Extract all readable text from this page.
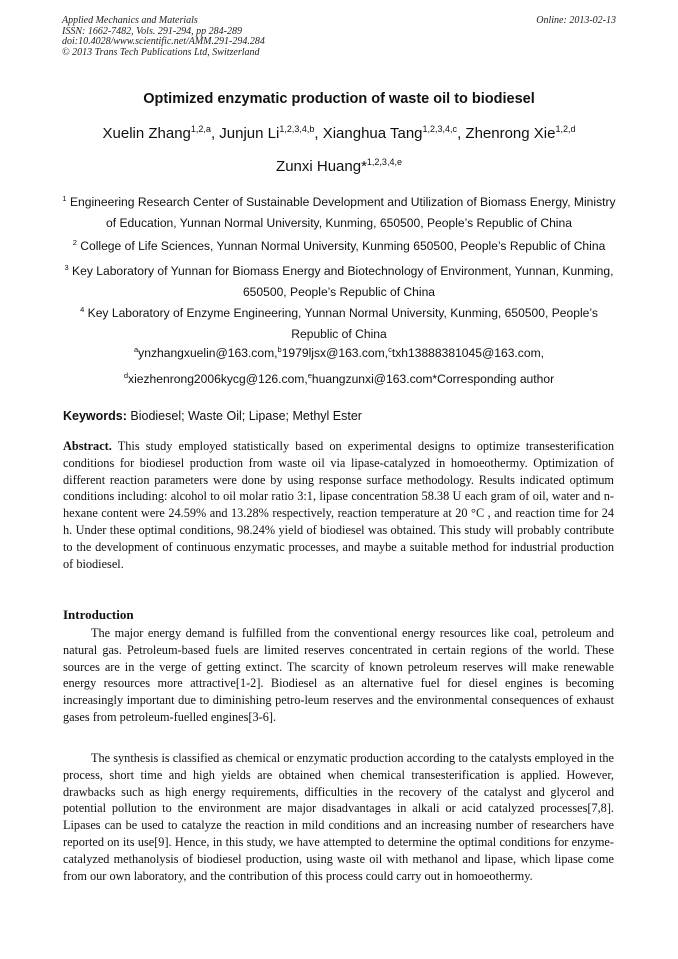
Applied Mechanics and Materials
ISSN: 1662-7482, Vols. 291-294, pp 284-289
doi:10.4028/www.scientific.net/AMM.291-294.284
© 2013 Trans Tech Publications Ltd, Switzerland
Online: 2013-02-13
Optimized enzymatic production of waste oil to biodiesel
Xuelin Zhang$^{1,2,a}$, Junjun Li$^{1,2,3,4,b}$, Xianghua Tang$^{1,2,3,4,c}$, Zhenrong Xie$^{1,2,d}$
Zunxi Huang*$^{1,2,3,4,e}$
$^1$ Engineering Research Center of Sustainable Development and Utilization of Biomass Energy, Ministry of Education, Yunnan Normal University, Kunming, 650500, People’s Republic of China
$^2$ College of Life Sciences, Yunnan Normal University, Kunming 650500, People’s Republic of China
$^3$ Key Laboratory of Yunnan for Biomass Energy and Biotechnology of Environment, Yunnan, Kunming, 650500, People’s Republic of China
$^4$ Key Laboratory of Enzyme Engineering, Yunnan Normal University, Kunming, 650500, People’s Republic of China
$^a$ynzhangxuelin@163.com,$^b$1979ljsx@163.com,$^c$txh13888381045@163.com,
$^d$xiezhenrong2006kycg@126.com,$^e$huangzunxi@163.com*Corresponding author
Keywords: Biodiesel; Waste Oil; Lipase; Methyl Ester
Abstract. This study employed statistically based on experimental designs to optimize transesterification conditions for biodiesel production from waste oil via lipase-catalyzed in homoeothermy. Optimization of different reaction parameters were done by using response surface methodology. Results indicated optimum conditions including: alcohol to oil molar ratio 3:1, lipase concentration 58.38 U each gram of oil, water and n-hexane content were 24.59% and 13.28% respectively, reaction temperature at 20 °C , and reaction time for 24 h. Under these optimal conditions, 98.24% yield of biodiesel was obtained. This study will probably contribute to the development of continuous enzymatic processes, and maybe a suitable method for industrial production of biodiesel.
Introduction
The major energy demand is fulfilled from the conventional energy resources like coal, petroleum and natural gas. Petroleum-based fuels are limited reserves concentrated in certain regions of the world. These sources are in the verge of getting extinct. The scarcity of known petroleum reserves will make renewable energy resources more attractive[1-2]. Biodiesel as an alternative fuel for diesel engines is becoming increasingly important due to diminishing petro-leum reserves and the environmental consequences of exhaust gases from petroleum-fuelled engines[3-6].
The synthesis is classified as chemical or enzymatic production according to the catalysts employed in the process, short time and high yields are obtained when chemical transesterification is applied. However, drawbacks such as high energy requirements, difficulties in the recovery of the catalyst and glycerol and potential pollution to the environment are major disadvantages in alkali or acid catalyzed processes[7,8]. Lipases can be used to catalyze the reaction in mild conditions and an increasing number of researchers have reported on its use[9]. Hence, in this study, we have attempted to determine the optimal conditions for enzyme-catalyzed methanolysis of biodiesel production, using waste oil with methanol and lipase, which lipase come from our own laboratory, and the contribution of this process could carry out in homoeothermy.
